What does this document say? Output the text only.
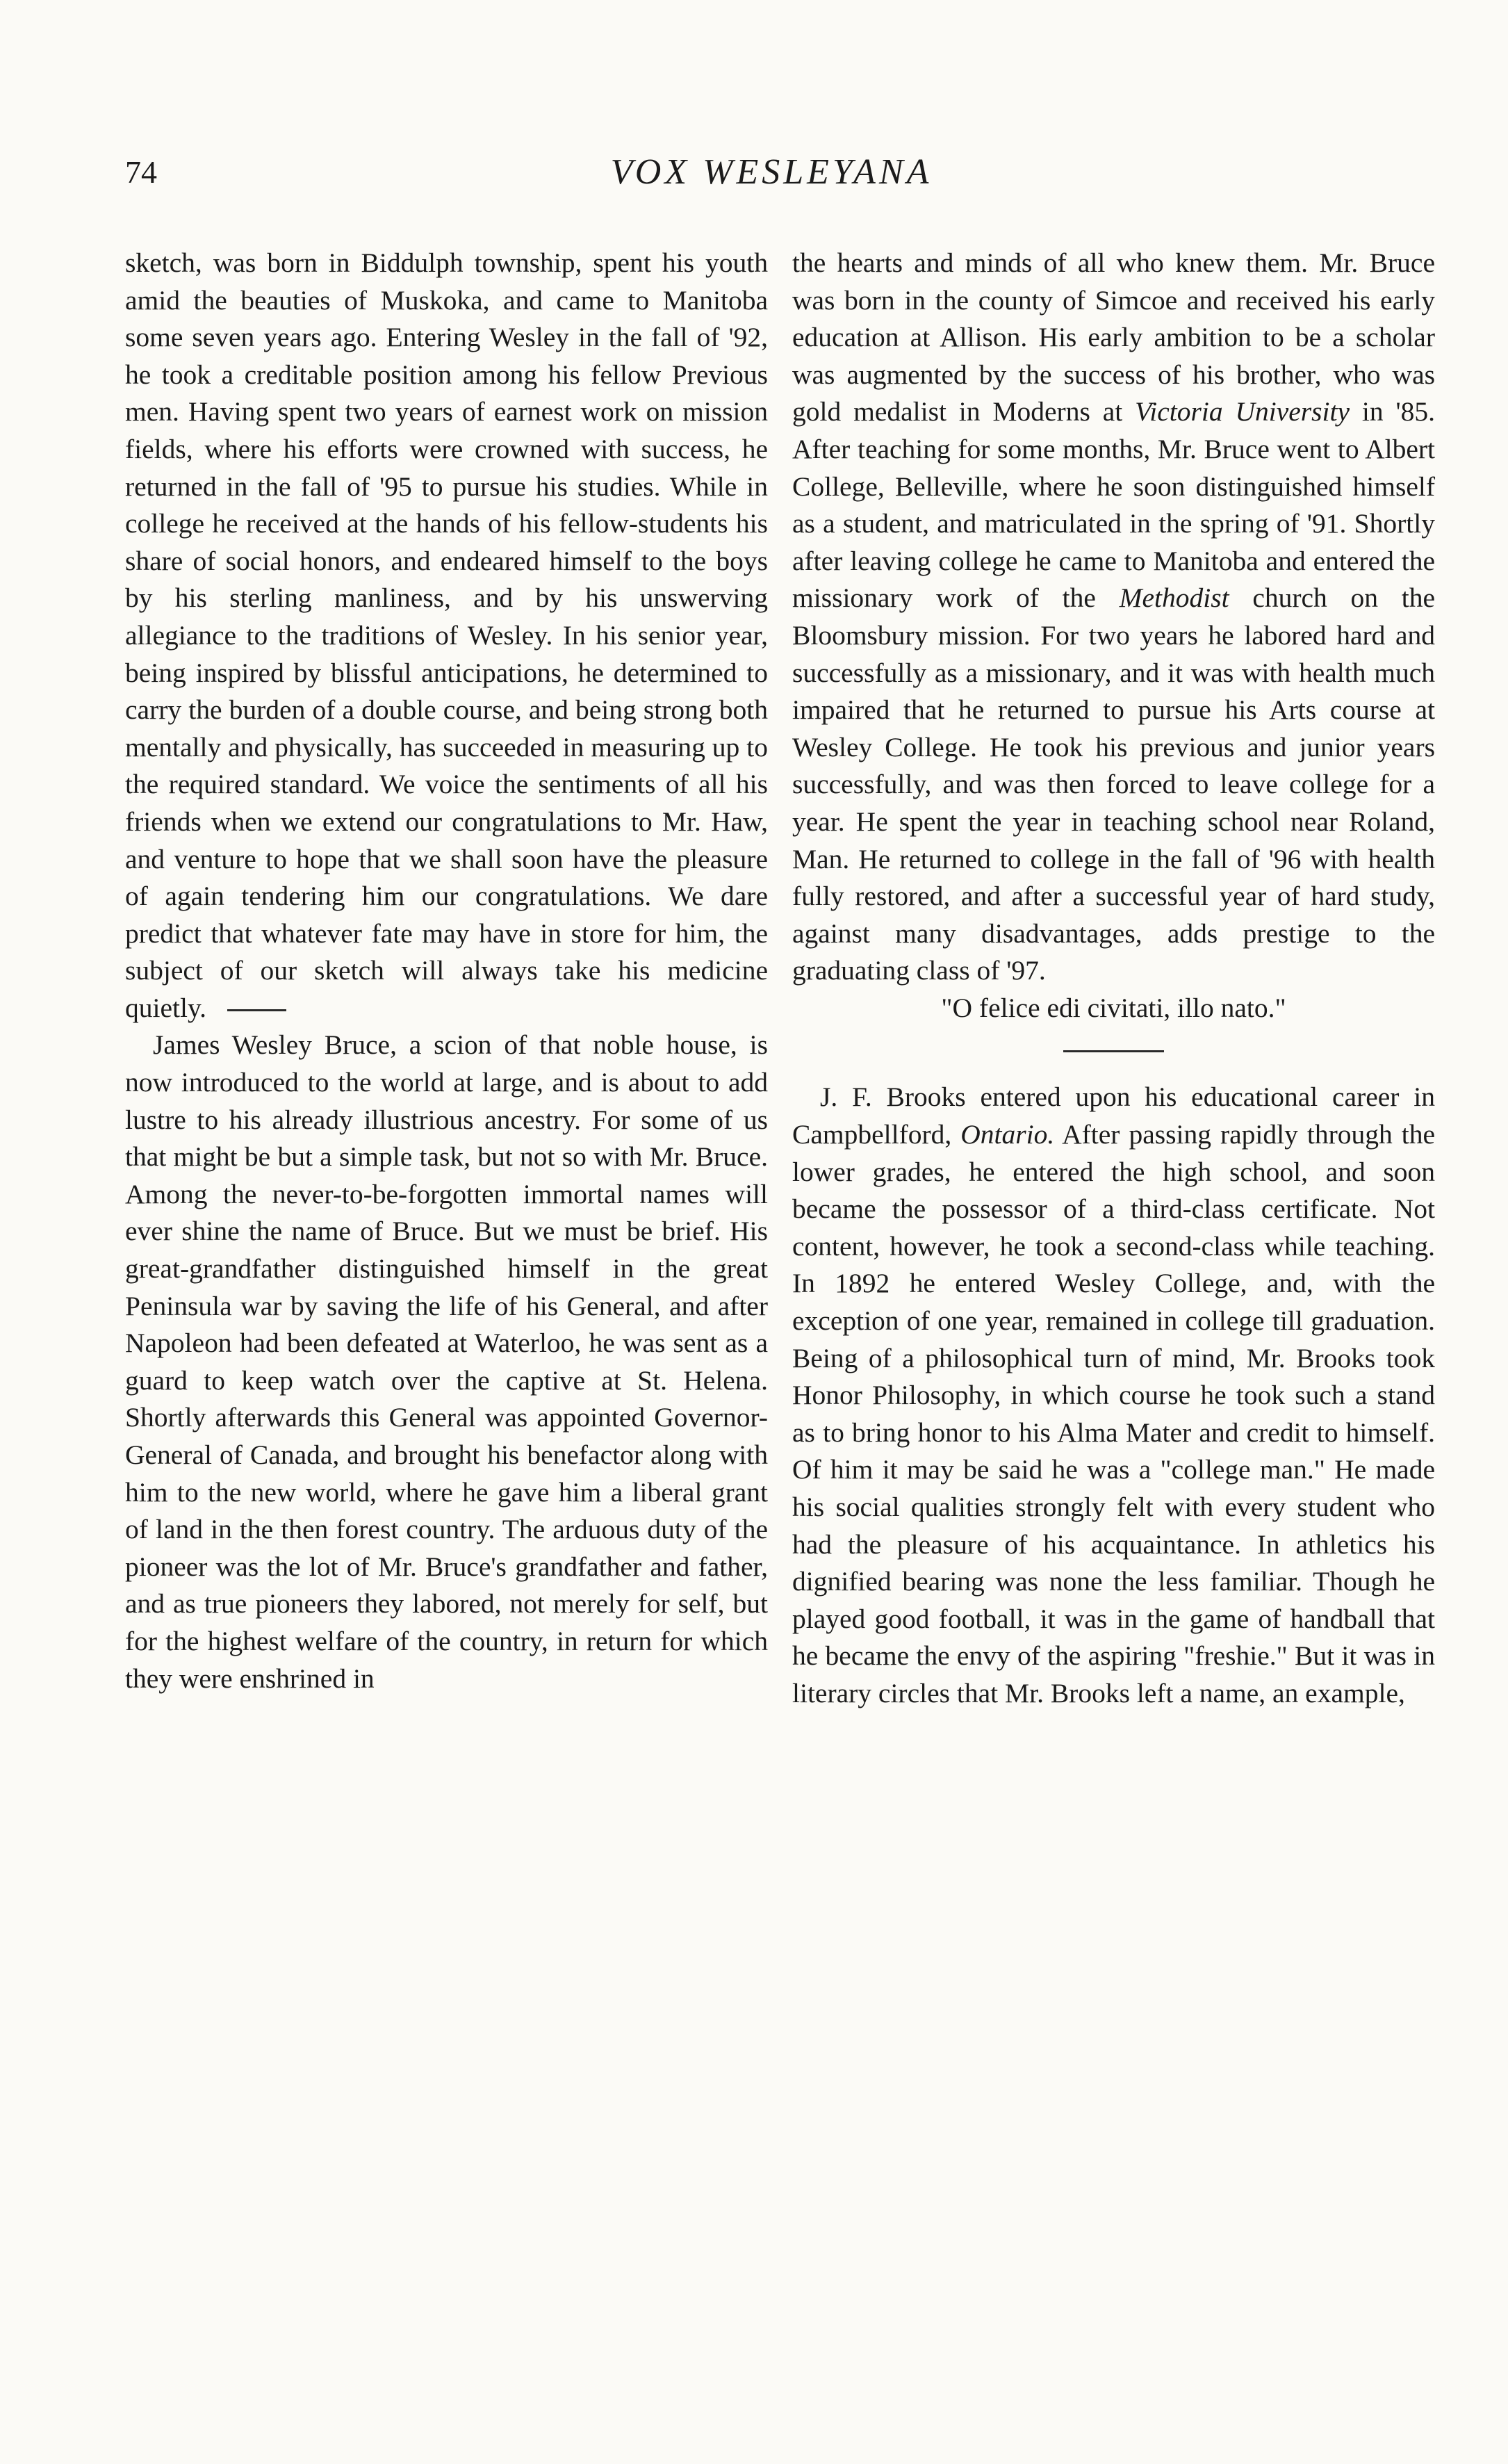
74	VOX WESLEYANA

sketch, was born in Biddulph township, spent his youth amid the beauties of Muskoka, and came to Manitoba some seven years ago. Entering Wesley in the fall of '92, he took a creditable position among his fellow Previous men. Having spent two years of earnest work on mission fields, where his efforts were crowned with success, he returned in the fall of '95 to pursue his studies. While in college he received at the hands of his fellow-students his share of social honors, and endeared himself to the boys by his sterling manliness, and by his unswerving allegiance to the traditions of Wesley. In his senior year, being inspired by blissful anticipations, he determined to carry the burden of a double course, and being strong both mentally and physically, has succeeded in measuring up to the required standard. We voice the sentiments of all his friends when we extend our congratulations to Mr. Haw, and venture to hope that we shall soon have the pleasure of again tendering him our congratulations. We dare predict that whatever fate may have in store for him, the subject of our sketch will always take his medicine quietly.

James Wesley Bruce, a scion of that noble house, is now introduced to the world at large, and is about to add lustre to his already illustrious ancestry. For some of us that might be but a simple task, but not so with Mr. Bruce. Among the never-to-be-forgotten immortal names will ever shine the name of Bruce. But we must be brief. His great-grandfather distinguished himself in the great Peninsula war by saving the life of his General, and after Napoleon had been defeated at Waterloo, he was sent as a guard to keep watch over the captive at St. Helena. Shortly afterwards this General was appointed Governor-General of Canada, and brought his benefactor along with him to the new world, where he gave him a liberal grant of land in the then forest country. The arduous duty of the pioneer was the lot of Mr. Bruce's grandfather and father, and as true pioneers they labored, not merely for self, but for the highest welfare of the country, in return for which they were enshrined in

the hearts and minds of all who knew them. Mr. Bruce was born in the county of Simcoe and received his early education at Allison. His early ambition to be a scholar was augmented by the success of his brother, who was gold medalist in Moderns at Victoria University in '85. After teaching for some months, Mr. Bruce went to Albert College, Belleville, where he soon distinguished himself as a student, and matriculated in the spring of '91. Shortly after leaving college he came to Manitoba and entered the missionary work of the Methodist church on the Bloomsbury mission. For two years he labored hard and successfully as a missionary, and it was with health much impaired that he returned to pursue his Arts course at Wesley College. He took his previous and junior years successfully, and was then forced to leave college for a year. He spent the year in teaching school near Roland, Man. He returned to college in the fall of '96 with health fully restored, and after a successful year of hard study, against many disadvantages, adds prestige to the graduating class of '97.

"O felice edi civitati, illo nato."

J. F. Brooks entered upon his educational career in Campbellford, Ontario. After passing rapidly through the lower grades, he entered the high school, and soon became the possessor of a third-class certificate. Not content, however, he took a second-class while teaching. In 1892 he entered Wesley College, and, with the exception of one year, remained in college till graduation. Being of a philosophical turn of mind, Mr. Brooks took Honor Philosophy, in which course he took such a stand as to bring honor to his Alma Mater and credit to himself. Of him it may be said he was a "college man." He made his social qualities strongly felt with every student who had the pleasure of his acquaintance. In athletics his dignified bearing was none the less familiar. Though he played good football, it was in the game of handball that he became the envy of the aspiring "freshie." But it was in literary circles that Mr. Brooks left a name, an example,
